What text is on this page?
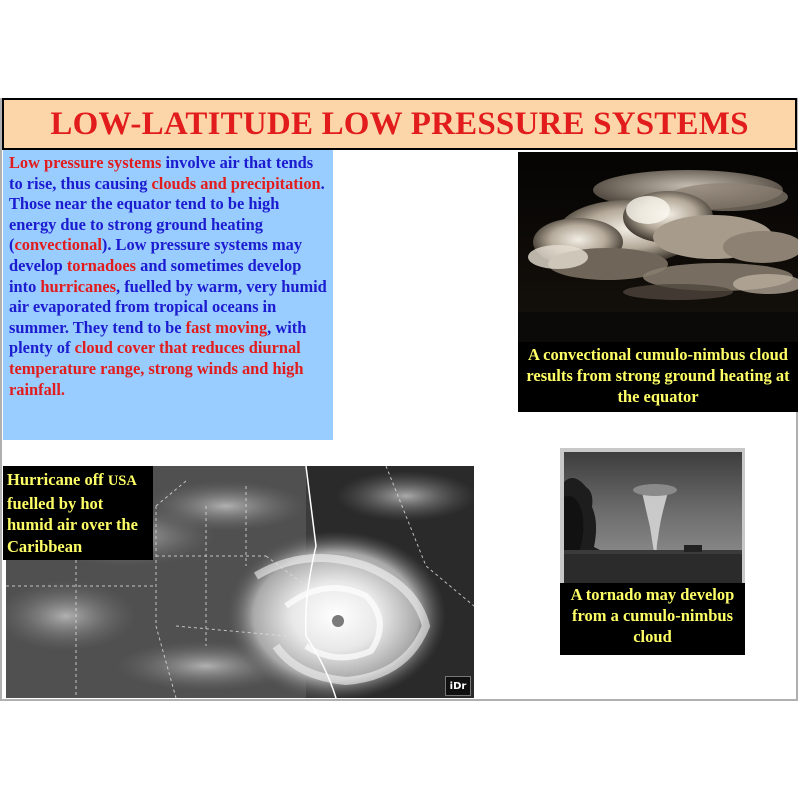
LOW-LATITUDE LOW PRESSURE SYSTEMS
Low pressure systems involve air that tends to rise, thus causing clouds and precipitation. Those near the equator tend to be high energy due to strong ground heating (convectional). Low pressure systems may develop tornadoes and sometimes develop into hurricanes, fuelled by warm, very humid air evaporated from tropical oceans in summer. They tend to be fast moving, with plenty of cloud cover that reduces diurnal temperature range, strong winds and high rainfall.
A convectional cumulo-nimbus cloud results from strong ground heating at the equator
A tornado may develop from a cumulo-nimbus cloud
iDr
Hurricane off USA fuelled by hot humid air over the Caribbean
